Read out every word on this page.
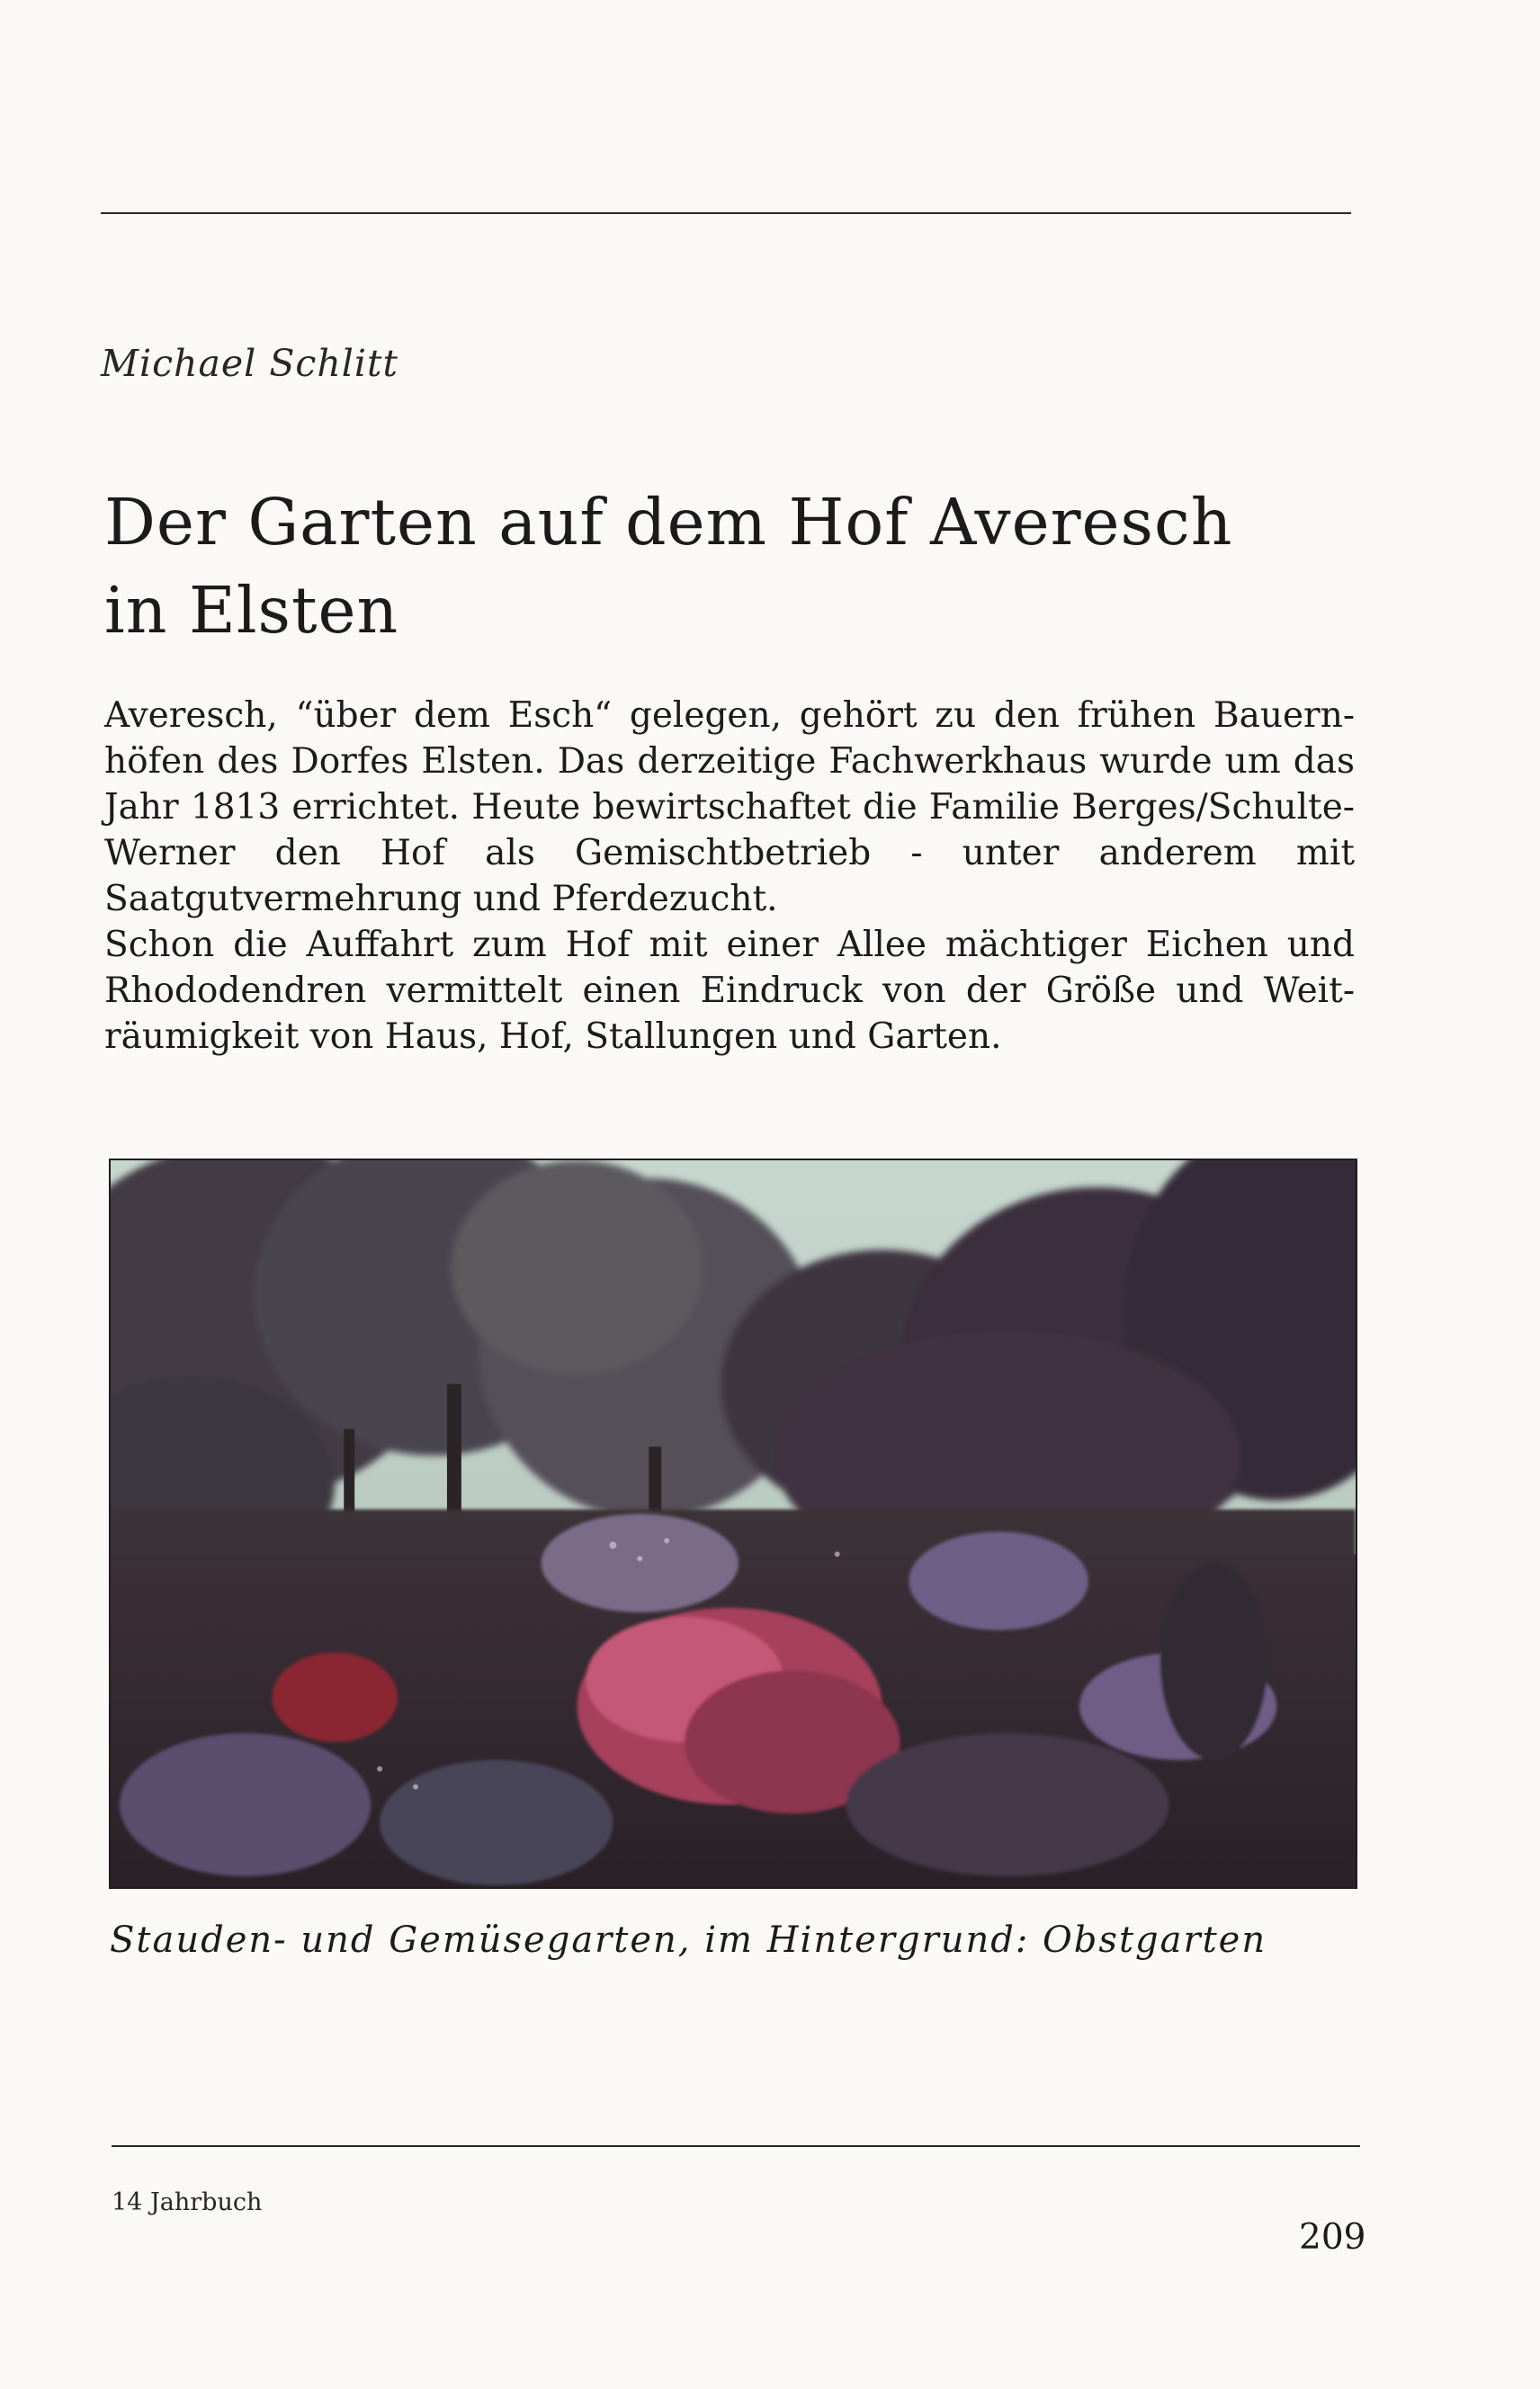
Michael Schlitt
Der Garten auf dem Hof Averesch
in Elsten

Averesch, “über dem Esch“ gelegen, gehört zu den frühen Bauernhöfen des Dorfes Elsten. Das derzeitige Fachwerkhaus wurde um das Jahr 1813 errichtet. Heute bewirtschaftet die Familie Berges/Schulte-Werner den Hof als Gemischtbetrieb - unter anderem mit Saatgutvermehrung und Pferdezucht.

Schon die Auffahrt zum Hof mit einer Allee mächtiger Eichen und Rhododendren vermittelt einen Eindruck von der Größe und Weiträumigkeit von Haus, Hof, Stallungen und Garten.

Stauden- und Gemüsegarten, im Hintergrund: Obstgarten
14 Jahrbuch
209
